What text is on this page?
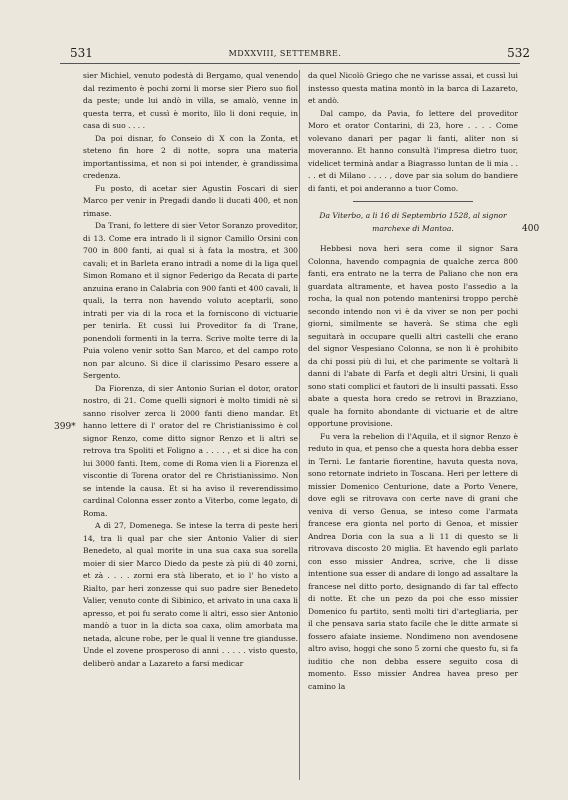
531	MDXXVIII, SETTEMBRE.	532
399*
400

sier Michiel, venuto podestà di Bergamo, qual venendo dal rezimento è pochi zorni li morse sier Piero suo fiol da peste; unde lui andò in villa, se amalò, venne in questa terra, et cussì è morito, lìlo li doni requie, in casa di suo . . . .

Da poi disnar, fo Conseio di X con la Zonta, et steteno fin hore 2 di notte, sopra una materia importantissima, et non si poi intender, è grandissima credenza.

Fu posto, di acetar sier Agustin Foscari di sier Marco per venir in Pregadi dando li ducati 400, et non rimase.

Da Trani, fo lettere di sier Vetor Soranzo proveditor, di 13. Come era intrado li il signor Camillo Orsini con 700 in 800 fanti, ai qual si à fata la mostra, et 300 cavali; et in Barleta erano intradi a nome di la liga quel Simon Romano et il signor Federigo da Recata di parte anzuina erano in Calabria con 900 fanti et 400 cavali, li quali, la terra non havendo voluto aceptarli, sono intrati per via di la roca et la forniscono di victuarie per tenirla. Et cussì lui Proveditor fa di Trane, ponendoli formenti in la terra. Scrive molte terre di la Puia voleno venir sotto San Marco, et del campo roto non par alcuno. Si dice il clarissimo Pesaro essere a Sergento.

Da Fiorenza, di sier Antonio Surian el dotor, orator nostro, di 21. Come quelli signori è molto timidi nè si sanno risolver zerca li 2000 fanti dieno mandar. Et hanno lettere di l' orator del re Christianissimo è col signor Renzo, come ditto signor Renzo et li altri se retrova tra Spoliti et Foligno a . . . . , et si dice ha con lui 3000 fanti. Item, come di Roma vien li a Fiorenza el viscontie di Torena orator del re Christianissimo. Non se intende la causa. Et si ha aviso il reverendissimo cardinal Colonna esser zonto a Viterbo, come legato, di Roma.

A dì 27, Domenega. Se intese la terra di peste heri 14, tra li qual par che sier Antonio Valier di sier Benedeto, al qual morite in una sua caxa sua sorella moier di sier Marco Diedo da peste zà più di 40 zorni, et zà . . . . zorni era stà liberato, et io l' ho visto a Rialto, par heri zonzesse qui suo padre sier Benedeto Valier, venuto conte di Sibinico, et arivato in una caxa li apresso, et poi fu serato come li altri, esso sier Antonio mandò a tuor in la dicta soa caxa, olim amorbata ma netada, alcune robe, per le qual li venne tre giandusse. Unde el zovene prosperoso di anni . . . . . visto questo, deliberò andar a Lazareto a farsi medicar

da quel Nicolò Griego che ne varisse assai, et cussì lui instesso questa matina montò in la barca di Lazareto, et andò.

Dal campo, da Pavia, fo lettere del proveditor Moro et orator Contarini, di 23, hore . . . . Come volevano danari per pagar li fanti, aliter non si moveranno. Et hanno consultà l'impresa dietro tuor, videlicet terminà andar a Biagrasso luntan de li mia . . . . et di Milano . . . . , dove par sia solum do bandiere di fanti, et poi anderanno a tuor Como.

Da Viterbo, a li 16 di Septembrio 1528, al signor marchexe di Mantoa.

Hebbesi nova heri sera come il signor Sara Colonna, havendo compagnia de qualche zerca 800 fanti, era entrato ne la terra de Paliano che non era guardata altramente, et havea posto l'assedio a la rocha, la qual non potendo mantenirsi troppo perchè secondo intendo non vi è da viver se non per pochi giorni, similmente se haverà. Se stima che egli seguitarà in occupare quelli altri castelli che erano del signor Vespesiano Colonna, se non li è prohibito da chi possi più di lui, et che parimente se voltarà li danni di l'abate di Farfa et degli altri Ursini, li quali sono stati complici et fautori de li insulti passati. Esso abate a questa hora credo se retrovi in Brazziano, quale ha fornito abondante di victuarie et de altre opportune provisione.

Fu vera la rebelion di l'Aquila, et il signor Renzo è reduto in qua, et penso che a questa hora debba esser in Terni. Le fantarie fiorentine, havuta questa nova, sono retornate indrieto in Toscana. Heri per lettere di missier Domenico Centurione, date a Porto Venere, dove egli se ritrovava con certe nave di grani che veniva di verso Genua, se inteso come l'armata francese era gionta nel porto di Genoa, et missier Andrea Doria con la sua a li 11 di questo se li ritrovava discosto 20 miglia. Et havendo egli parlato con esso missier Andrea, scrive, che li disse intentione sua esser di andare di longo ad assaltare la francese nel ditto porto, designando di far tal effecto di notte. Et che un pezo da poi che esso missier Domenico fu partito, sentì molti tiri d'artegliaria, per il che pensava saria stato facile che le ditte armate si fossero afaiate insieme. Nondimeno non avendosene altro aviso, hoggi che sono 5 zorni che questo fu, si fa iuditio che non debba essere seguito cosa di momento. Esso missier Andrea havea preso per camino la
